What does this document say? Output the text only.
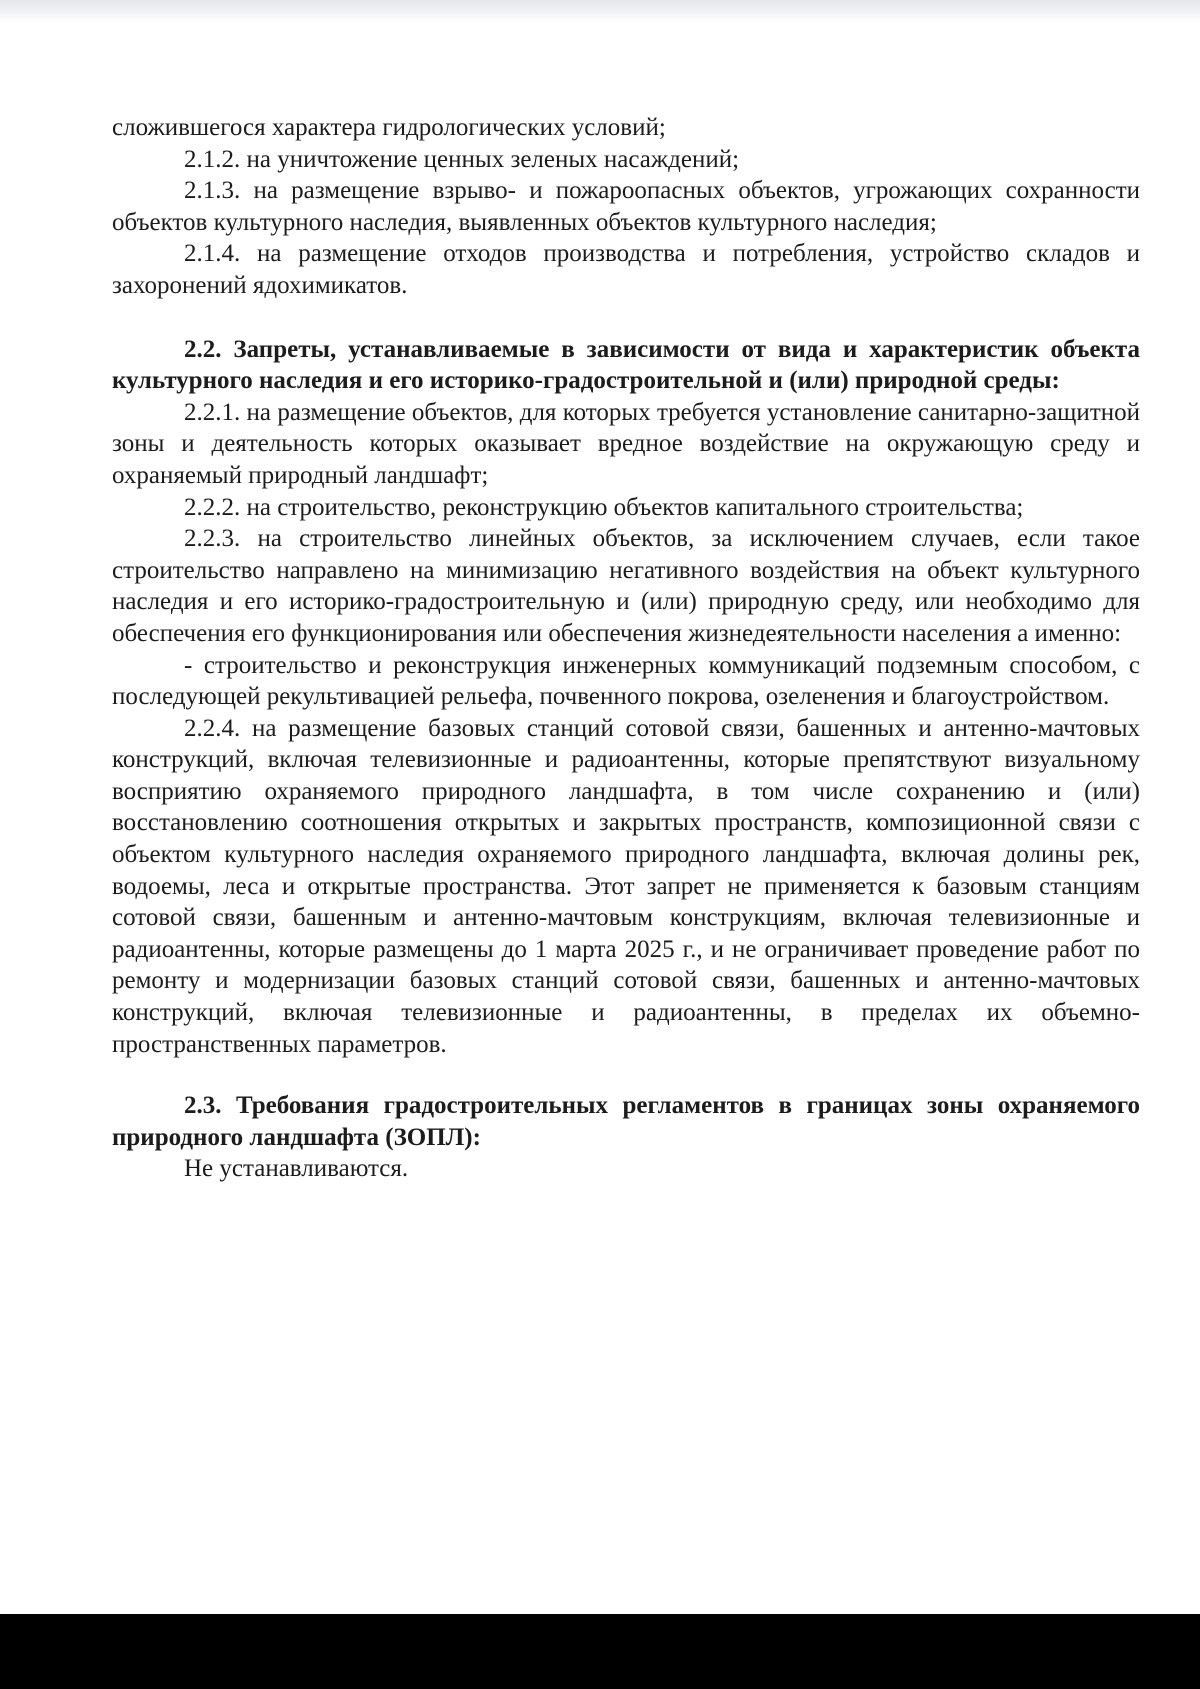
сложившегося характера гидрологических условий;

2.1.2. на уничтожение ценных зеленых насаждений;

2.1.3. на размещение взрыво- и пожароопасных объектов, угрожающих сохранности объектов культурного наследия, выявленных объектов культурного наследия;

2.1.4. на размещение отходов производства и потребления, устройство складов и захоронений ядохимикатов.

2.2. Запреты, устанавливаемые в зависимости от вида и характеристик объекта культурного наследия и его историко-градостроительной и (или) природной среды:

2.2.1. на размещение объектов, для которых требуется установление санитарно-защитной зоны и деятельность которых оказывает вредное воздействие на окружающую среду и охраняемый природный ландшафт;

2.2.2. на строительство, реконструкцию объектов капитального строительства;

2.2.3. на строительство линейных объектов, за исключением случаев, если такое строительство направлено на минимизацию негативного воздействия на объект культурного наследия и его историко-градостроительную и (или) природную среду, или необходимо для обеспечения его функционирования или обеспечения жизнедеятельности населения а именно:

- строительство и реконструкция инженерных коммуникаций подземным способом, с последующей рекультивацией рельефа, почвенного покрова, озеленения и благоустройством.

2.2.4. на размещение базовых станций сотовой связи, башенных и антенно-мачтовых конструкций, включая телевизионные и радиоантенны, которые препятствуют визуальному восприятию охраняемого природного ландшафта, в том числе сохранению и (или) восстановлению соотношения открытых и закрытых пространств, композиционной связи с объектом культурного наследия охраняемого природного ландшафта, включая долины рек, водоемы, леса и открытые пространства. Этот запрет не применяется к базовым станциям сотовой связи, башенным и антенно-мачтовым конструкциям, включая телевизионные и радиоантенны, которые размещены до 1 марта 2025 г., и не ограничивает проведение работ по ремонту и модернизации базовых станций сотовой связи, башенных и антенно-мачтовых конструкций, включая телевизионные и радиоантенны, в пределах их объемно-пространственных параметров.

2.3. Требования градостроительных регламентов в границах зоны охраняемого природного ландшафта (ЗОПЛ):

Не устанавливаются.
